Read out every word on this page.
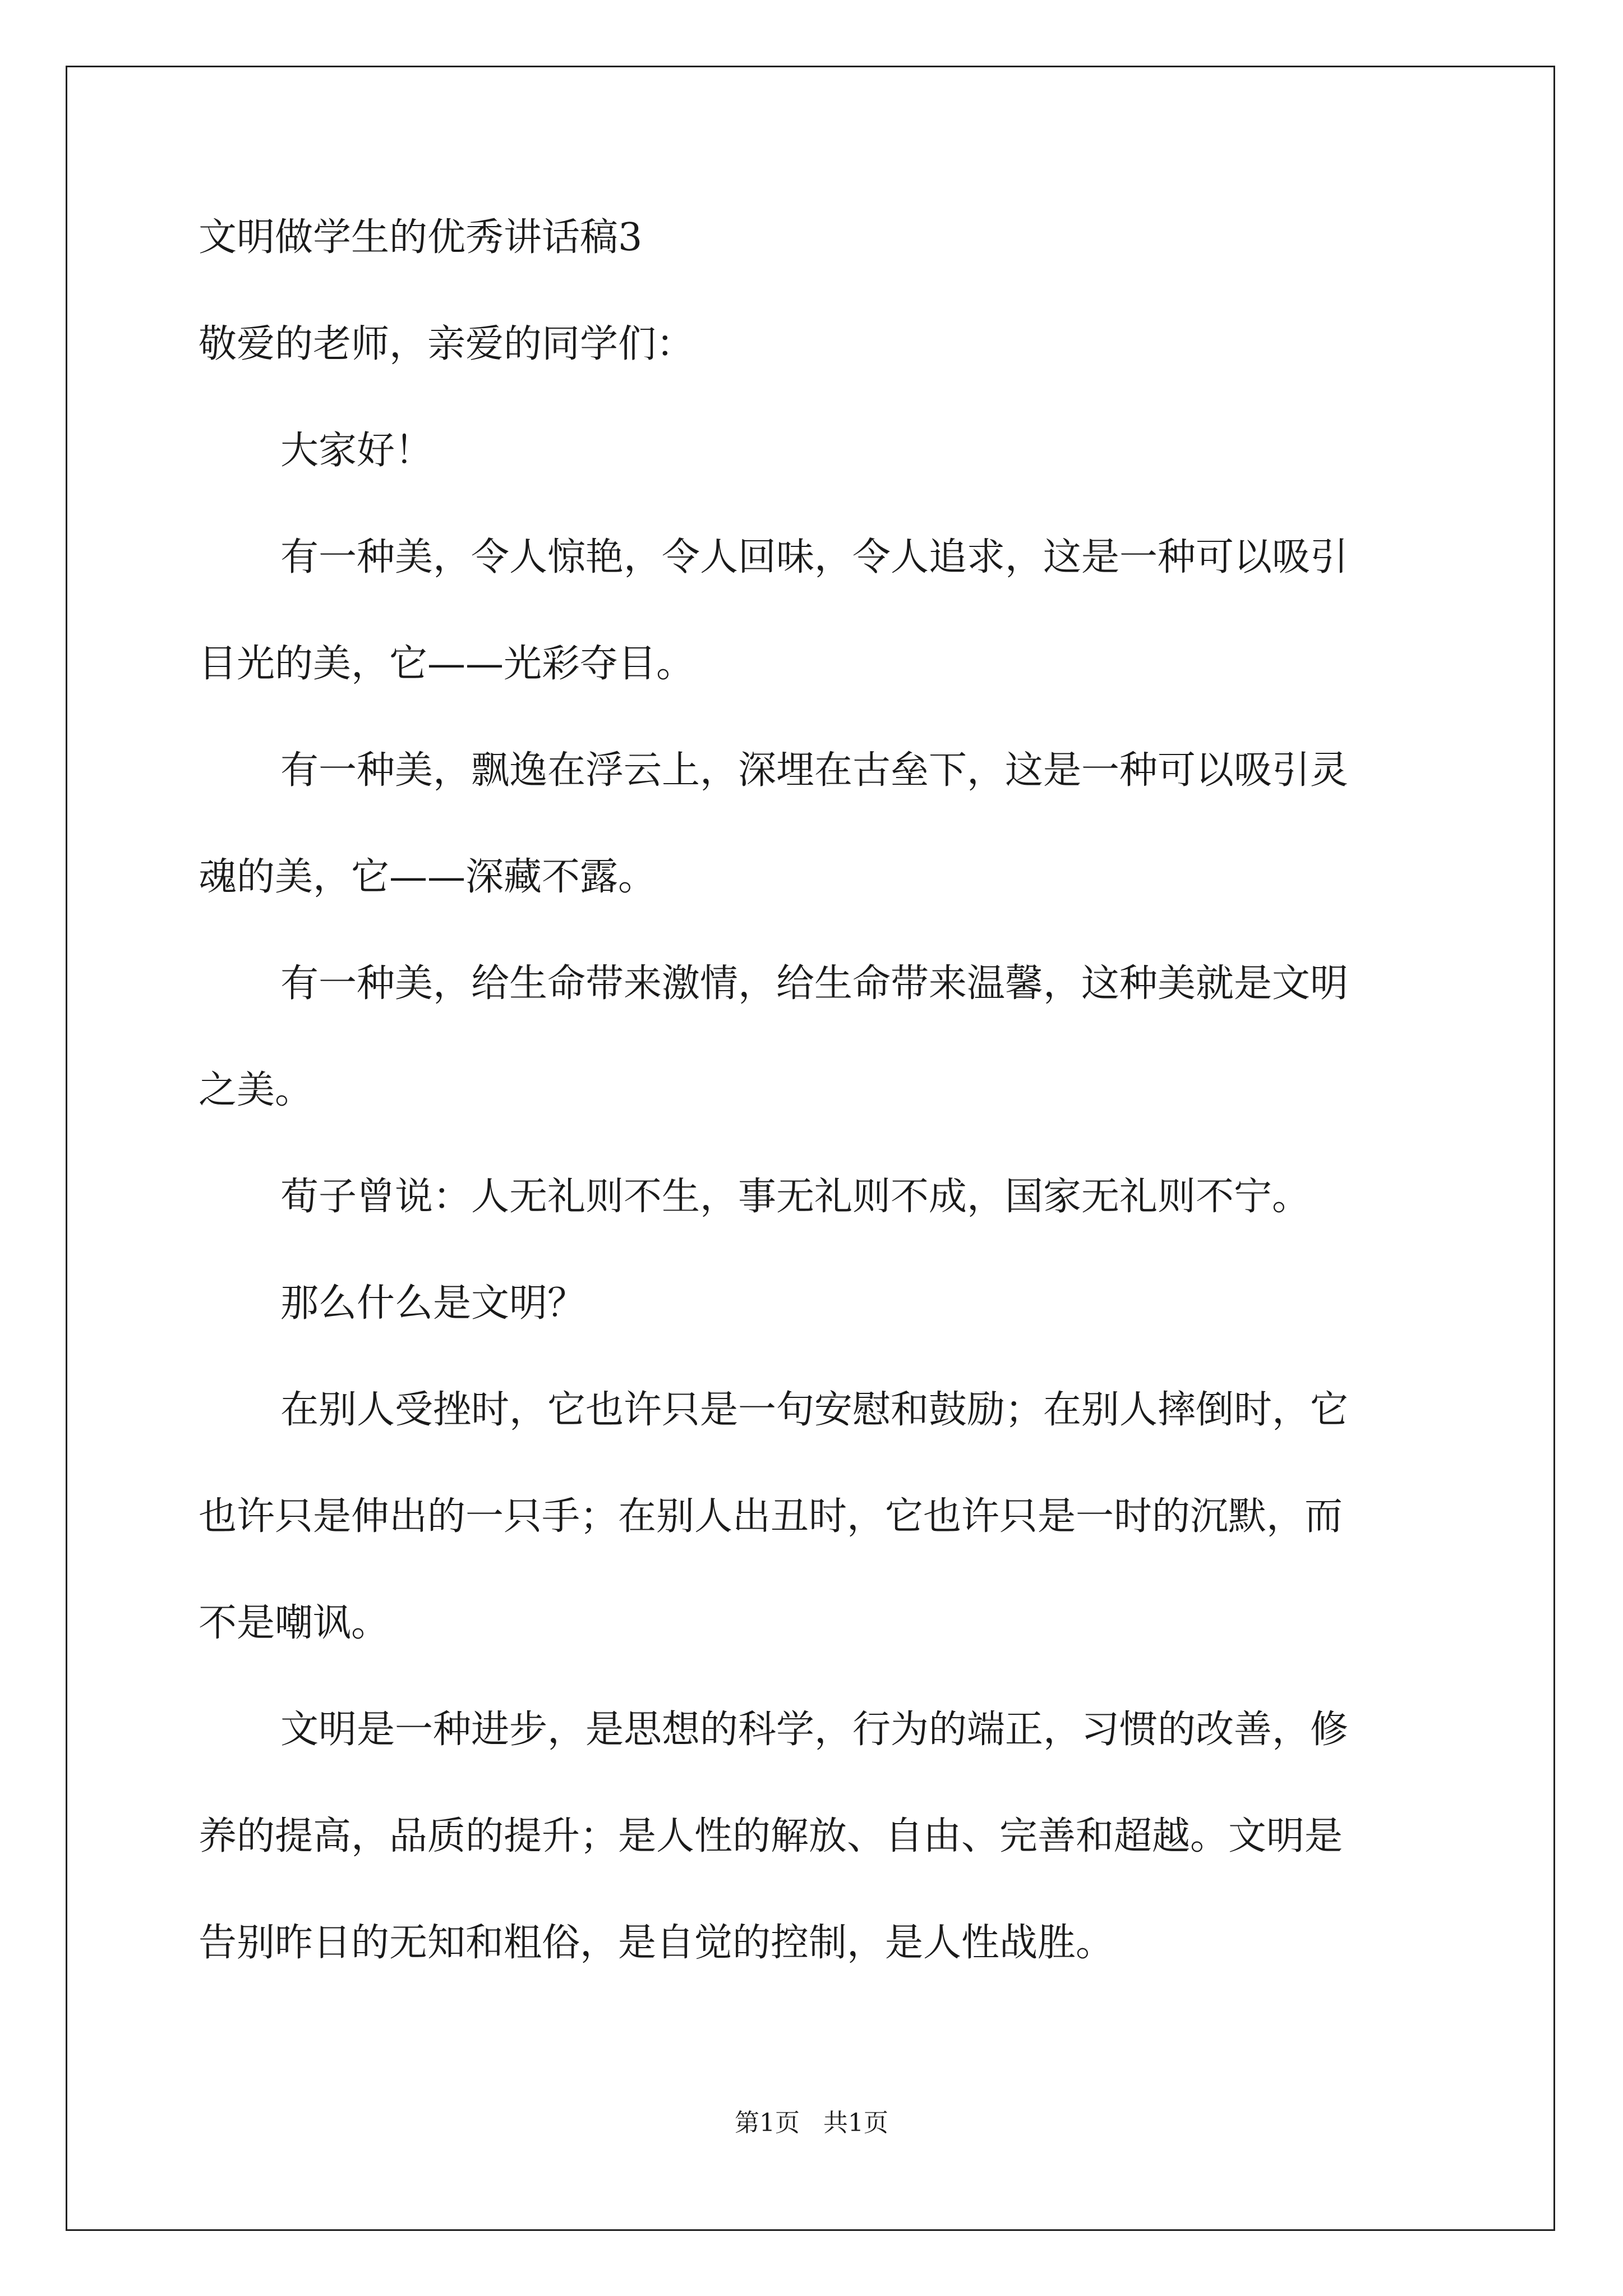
文明做学生的优秀讲话稿3
敬爱的老师，亲爱的同学们：
大家好！
有一种美，令人惊艳，令人回味，令人追求，这是一种可以吸引
目光的美，它——光彩夺目。
有一种美，飘逸在浮云上，深埋在古垒下，这是一种可以吸引灵
魂的美，它——深藏不露。
有一种美，给生命带来激情，给生命带来温馨，这种美就是文明
之美。
荀子曾说：人无礼则不生，事无礼则不成，国家无礼则不宁。
那么什么是文明？
在别人受挫时，它也许只是一句安慰和鼓励；在别人摔倒时，它
也许只是伸出的一只手；在别人出丑时，它也许只是一时的沉默，而
不是嘲讽。
文明是一种进步，是思想的科学，行为的端正，习惯的改善，修
养的提高，品质的提升；是人性的解放、自由、完善和超越。文明是
告别昨日的无知和粗俗，是自觉的控制，是人性战胜。
第1页   共1页
